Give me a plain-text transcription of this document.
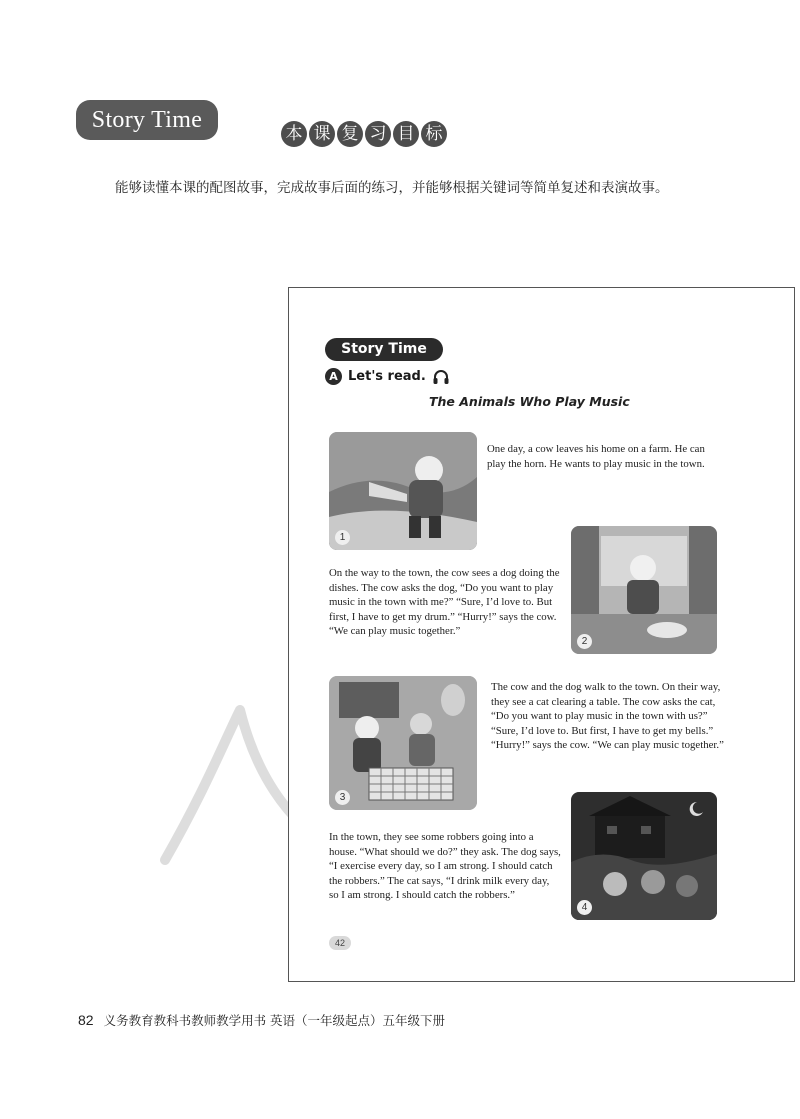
Story Time
本 课 复 习 目 标
能够读懂本课的配图故事，完成故事后面的练习，并能够根据关键词等简单复述和表演故事。
Story Time
A Let's read.
The Animals Who Play Music
1
One day, a cow leaves his home on a farm. He can play the horn. He wants to play music in the town.
On the way to the town, the cow sees a dog doing the dishes. The cow asks the dog, “Do you want to play music in the town with me?” “Sure, I’d love to. But first, I have to get my drum.” “Hurry!” says the cow. “We can play music together.”
2
3
The cow and the dog walk to the town. On their way, they see a cat clearing a table. The cow asks the cat, “Do you want to play music in the town with us?” “Sure, I’d love to. But first, I have to get my bells.” “Hurry!” says the cow. “We can play music together.”
In the town, they see some robbers going into a house. “What should we do?” they ask. The dog says, “I exercise every day, so I am strong. I should catch the robbers.” The cat says, “I drink milk every day, so I am strong. I should catch the robbers.”
4
42
82 义务教育教科书教师教学用书 英语（一年级起点）五年级下册
